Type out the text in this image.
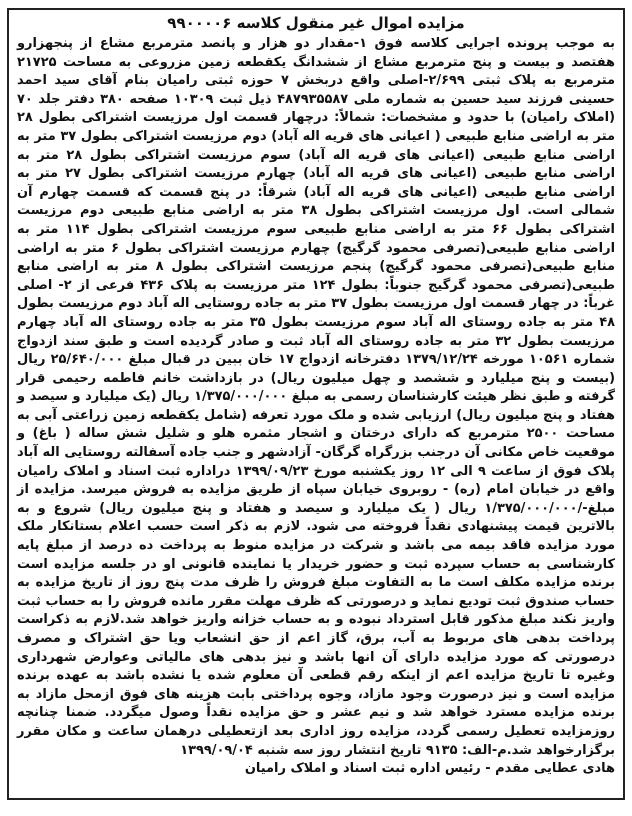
مزایده اموال غیر منقول کلاسه ۹۹۰۰۰۰۶

به موجب پرونده اجرایی کلاسه فوق ۱-مقدار دو هزار و پانصد مترمربع مشاع از پنجهزارو هفتصد و بیست و پنج مترمربع مشاع از ششدانگ یکقطعه زمین مزروعی به مساحت ۲۱۷۲۵ مترمربع به پلاک ثبتی ۲/۶۹۹-اصلی واقع دربخش ۷ حوزه ثبتی رامیان بنام آقای سید احمد حسینی فرزند سید حسین به شماره ملی ۴۸۷۹۳۵۵۸۷ ذیل ثبت ۱۰۳۰۹ صفحه ۳۸۰ دفتر جلد ۷۰ (املاک رامیان) با حدود و مشخصات: شمالاً: درچهار قسمت اول مرزیست اشتراکی بطول ۲۸ متر به اراضی منابع طبیعی ( اعیانی های قریه اله آباد) دوم مرزیست اشتراکی بطول ۳۷ متر به اراضی منابع طبیعی (اعیانی های قریه اله آباد) سوم مرزیست اشتراکی بطول ۲۸ متر به اراضی منابع طبیعی (اعیانی های قریه اله آباد) چهارم مرزیست اشتراکی بطول ۲۷ متر به اراضی منابع طبیعی (اعیانی های قریه اله آباد) شرقاً: در پنج قسمت که قسمت چهارم آن شمالی است. اول مرزیست اشتراکی بطول ۳۸ متر به اراضی منابع طبیعی دوم مرزیست اشتراکی بطول ۶۶ متر به اراضی منابع طبیعی سوم مرزیست اشتراکی بطول ۱۱۴ متر به اراضی منابع طبیعی(تصرفی محمود گرگیج) چهارم مرزیست اشتراکی بطول ۶ متر به اراضی منابع طبیعی(تصرفی محمود گرگیج) پنجم مرزیست اشتراکی بطول ۸ متر به اراضی منابع طبیعی(تصرفی محمود گرگیج جنوباً: بطول ۱۲۴ متر مرزیست به پلاک ۴۳۶ فرعی از ۲- اصلی غرباً: در چهار قسمت اول مرزیست بطول ۳۷ متر به جاده روستایی اله آباد دوم مرزیست بطول ۴۸ متر به جاده روستای اله آباد سوم مرزیست بطول ۳۵ متر به جاده روستای اله آباد چهارم مرزیست بطول ۳۲ متر به جاده روستای اله آباد ثبت و صادر گردیده است و طبق سند ازدواج شماره ۱۰۵۶۱ مورخه ۱۳۷۹/۱۲/۲۴ دفترخانه ازدواج ۱۷ خان ببین در قبال مبلغ ۲۵/۶۴۰/۰۰۰ ریال (بیست و پنج میلیارد و ششصد و چهل میلیون ریال) در بازداشت خانم فاطمه رحیمی قرار گرفته و طبق نظر هیئت کارشناسان رسمی به مبلغ ۱/۳۷۵/۰۰۰/۰۰۰ ریال (یک میلیارد و سیصد و هفتاد و پنج میلیون ریال) ارزیابی شده و ملک مورد تعرفه (شامل یکقطعه زمین زراعتی آبی به مساحت ۲۵۰۰ مترمربع که دارای درختان و اشجار مثمره هلو و شلیل شش ساله ( باغ) و موقعیت خاص مکانی آن درجنب بزرگراه گرگان- آزادشهر و جنب جاده آسفالته روستایی اله آباد پلاک فوق از ساعت ۹ الی ۱۲ روز یکشنبه مورخ ۱۳۹۹/۰۹/۲۳ دراداره ثبت اسناد و املاک رامیان واقع در خیابان امام (ره) - روبروی خیابان سپاه از طریق مزایده به فروش میرسد. مزایده از مبلغ-/۱/۳۷۵/۰۰۰/۰۰۰ ریال ( یک میلیارد و سیصد و هفتاد و پنج میلیون ریال) شروع و به بالاترین قیمت پیشنهادی نقداً فروخته می شود. لازم به ذکر است حسب اعلام بستانکار ملک مورد مزایده فاقد بیمه می باشد و شرکت در مزایده منوط به پرداخت ده درصد از مبلغ پایه کارشناسی به حساب سپرده ثبت و حضور خریدار یا نماینده قانونی او در جلسه مزایده است برنده مزایده مکلف است ما به التفاوت مبلغ فروش را ظرف مدت پنج روز از تاریخ مزایده به حساب صندوق ثبت تودیع نماید و درصورتی که ظرف مهلت مقرر مانده فروش را به حساب ثبت واریز نکند مبلغ مذکور قابل استرداد نبوده و به حساب خزانه واریز خواهد شد.لازم به ذکراست پرداخت بدهی های مربوط به آب، برق، گاز اعم از حق انشعاب ویا حق اشتراک و مصرف درصورتی که مورد مزایده دارای آن انها باشد و نیز بدهی های مالیاتی وعوارض شهرداری وغیره تا تاریخ مزایده اعم از اینکه رقم قطعی آن معلوم شده یا نشده باشد به عهده برنده مزایده است و نیز درصورت وجود مازاد، وجوه پرداختی بابت هزینه های فوق ازمحل مازاد به برنده مزایده مسترد خواهد شد و نیم عشر و حق مزایده نقداً وصول میگردد. ضمنا چنانچه روزمزایده تعطیل رسمی گردد، مزایده روز اداری بعد ازتعطیلی درهمان ساعت و مکان مقرر برگزارخواهد شد.م-الف: ۹۱۳۵ تاریخ انتشار روز سه شنبه ۱۳۹۹/۰۹/۰۴

هادی عطایی مقدم - رئیس اداره ثبت اسناد و املاک رامیان
